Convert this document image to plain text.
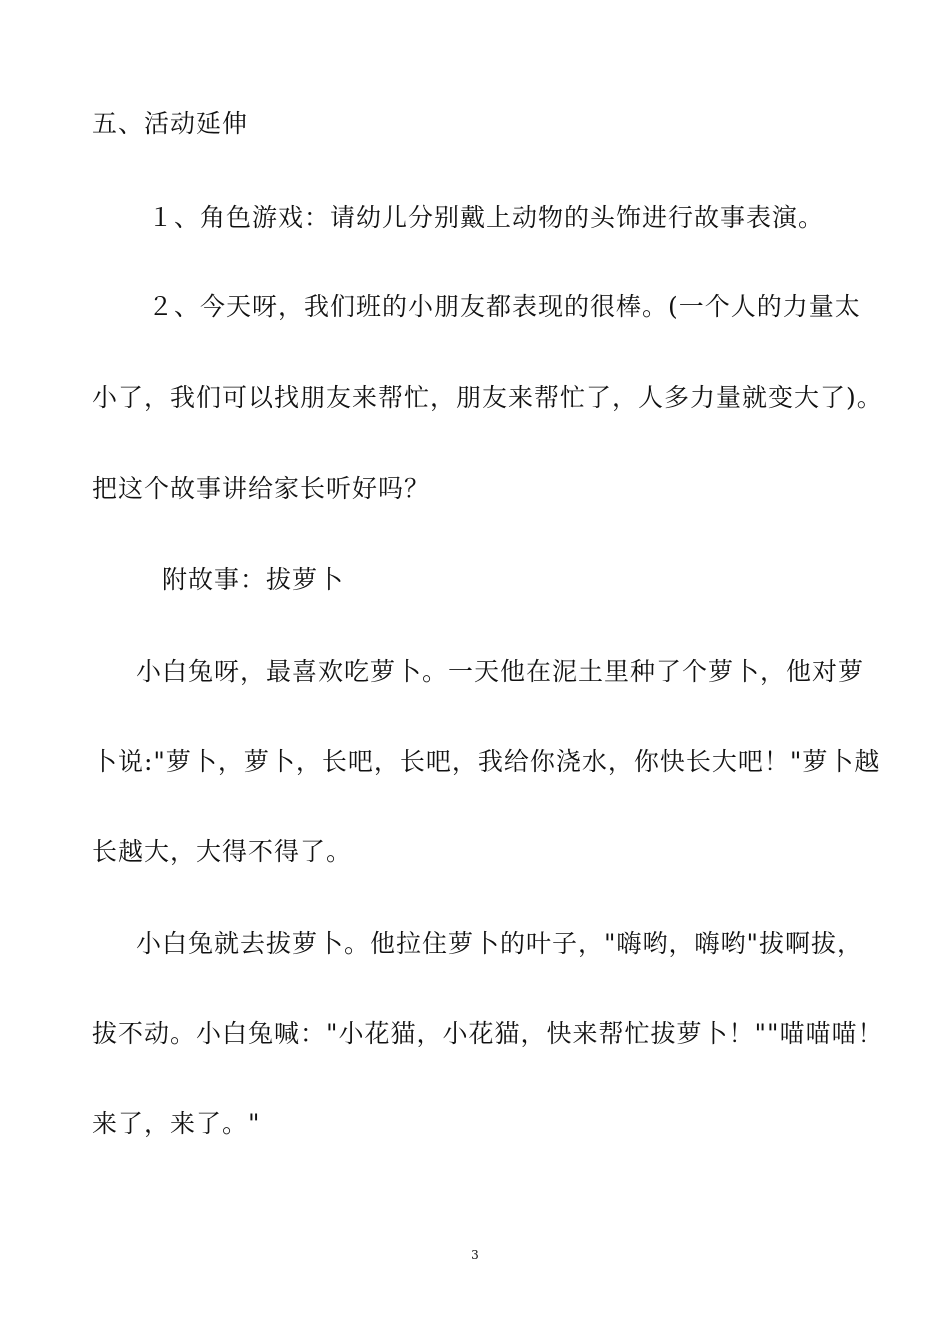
五、活动延伸
１、角色游戏：请幼儿分别戴上动物的头饰进行故事表演。
２、今天呀，我们班的小朋友都表现的很棒。(一个人的力量太
小了，我们可以找朋友来帮忙，朋友来帮忙了，人多力量就变大了)。
把这个故事讲给家长听好吗？
附故事：拔萝卜
小白兔呀，最喜欢吃萝卜。一天他在泥土里种了个萝卜，他对萝
卜说:"萝卜，萝卜，长吧，长吧，我给你浇水，你快长大吧！"萝卜越
长越大，大得不得了。
小白兔就去拔萝卜。他拉住萝卜的叶子，"嗨哟，嗨哟"拔啊拔，
拔不动。小白兔喊："小花猫，小花猫，快来帮忙拔萝卜！""喵喵喵！
来了，来了。"
3
